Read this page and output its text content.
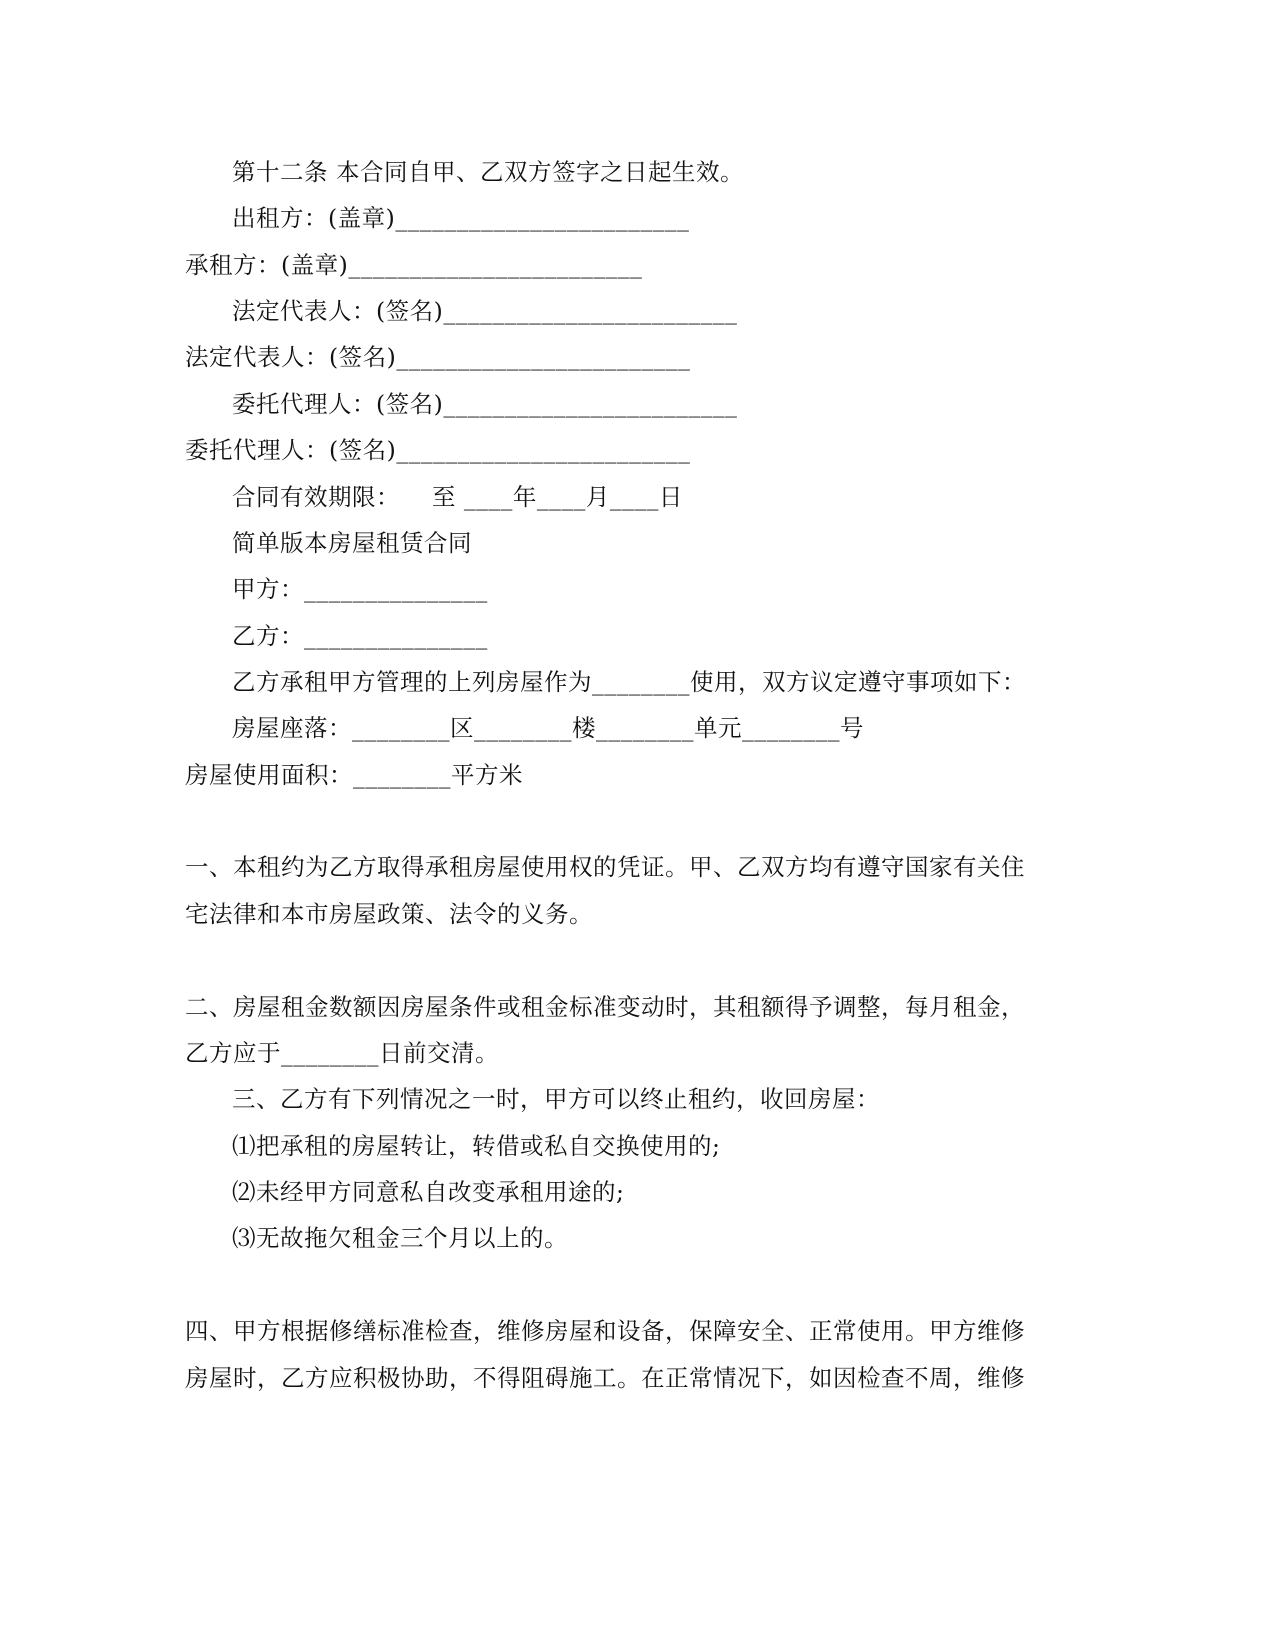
第十二条 本合同自甲、乙双方签字之日起生效。
出租方：(盖章)________________________
承租方：(盖章)________________________
法定代表人：(签名)________________________
法定代表人：(签名)________________________
委托代理人：(签名)________________________
委托代理人：(签名)________________________
合同有效期限：    至 ____年____月____日
简单版本房屋租赁合同
甲方：_______________
乙方：_______________
乙方承租甲方管理的上列房屋作为________使用，双方议定遵守事项如下：
房屋座落：________区________楼________单元________号
房屋使用面积：________平方米
一、本租约为乙方取得承租房屋使用权的凭证。甲、乙双方均有遵守国家有关住
宅法律和本市房屋政策、法令的义务。
二、房屋租金数额因房屋条件或租金标准变动时，其租额得予调整，每月租金，
乙方应于________日前交清。
三、乙方有下列情况之一时，甲方可以终止租约，收回房屋：
⑴把承租的房屋转让，转借或私自交换使用的;
⑵未经甲方同意私自改变承租用途的;
⑶无故拖欠租金三个月以上的。
四、甲方根据修缮标准检查，维修房屋和设备，保障安全、正常使用。甲方维修
房屋时，乙方应积极协助，不得阻碍施工。在正常情况下，如因检查不周，维修
